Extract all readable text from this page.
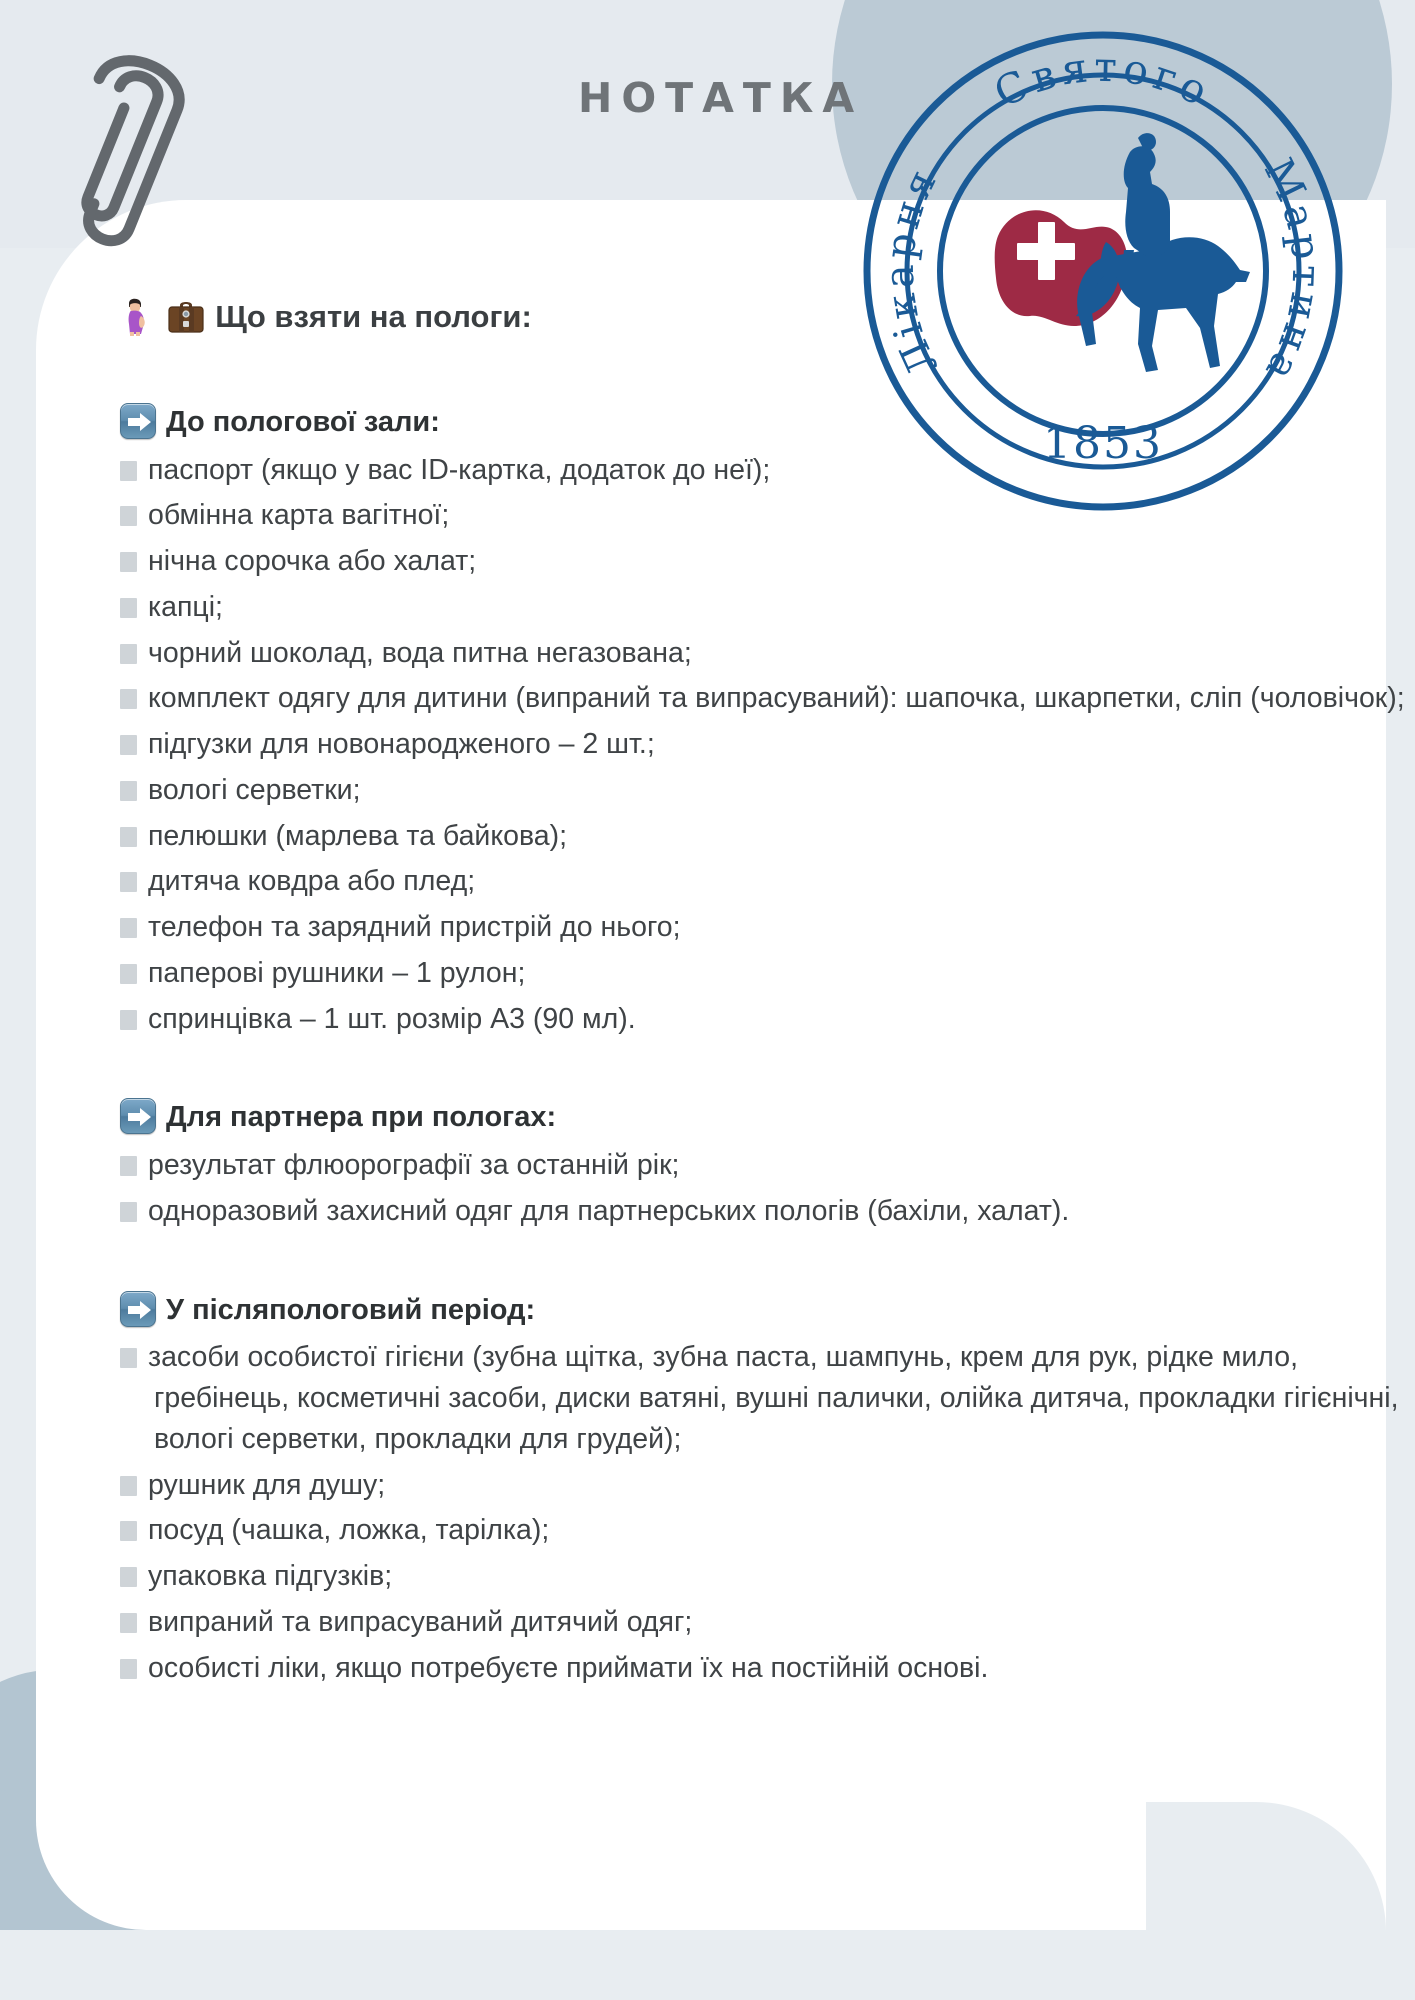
НОТАТКА	Святого
Лікарня	Мартина
1853
Що взяти на пологи:
До пологової зали:
паспорт (якщо у вас ID-картка, додаток до неї);
обмінна карта вагітної;
нічна сорочка або халат;
капці;
чорний шоколад, вода питна негазована;
комплект одягу для дитини (випраний та випрасуваний): шапочка, шкарпетки, сліп (чоловічок);
підгузки для новонародженого – 2 шт.;
вологі серветки;
пелюшки (марлева та байкова);
дитяча ковдра або плед;
телефон та зарядний пристрій до нього;
паперові рушники – 1 рулон;
спринцівка – 1 шт. розмір А3 (90 мл).
Для партнера при пологах:
результат флюорографії за останній рік;
одноразовий захисний одяг для партнерських пологів (бахіли, халат).
У післяпологовий період:
засоби особистої гігієни (зубна щітка, зубна паста, шампунь, крем для рук, рідке мило, гребінець, косметичні засоби, диски ватяні, вушні палички, олійка дитяча, прокладки гігієнічні, вологі серветки, прокладки для грудей);
рушник для душу;
посуд (чашка, ложка, тарілка);
упаковка підгузків;
випраний та випрасуваний дитячий одяг;
особисті ліки, якщо потребуєте приймати їх на постійній основі.
